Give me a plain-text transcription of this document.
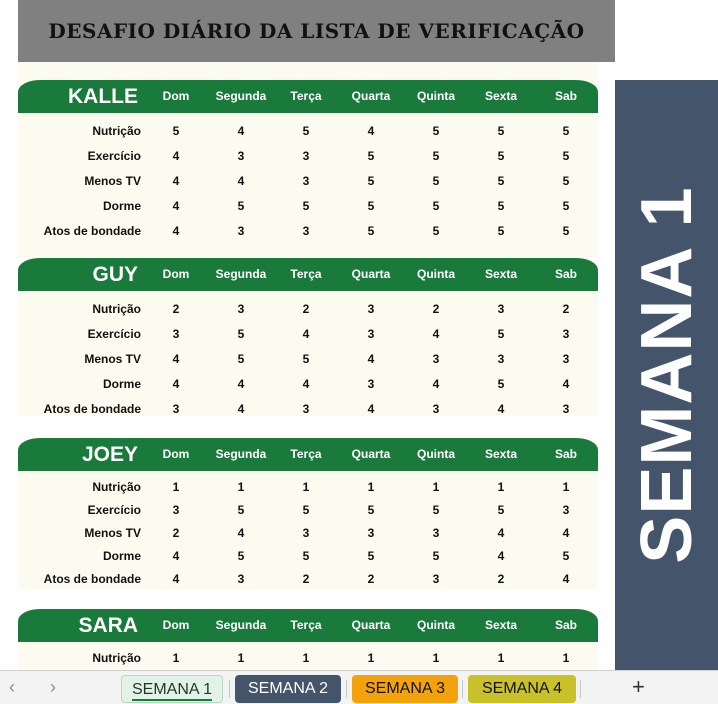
DESAFIO DIÁRIO DA LISTA DE VERIFICAÇÃO
KALLE	Dom	Segunda	Terça	Quarta	Quinta	Sexta	Sab
Nutrição	5	4	5	4	5	5	5
Exercício	4	3	3	5	5	5	5
Menos TV	4	4	3	5	5	5	5
Dorme	4	5	5	5	5	5	5
Atos de bondade	4	3	3	5	5	5	5
GUY	Dom	Segunda	Terça	Quarta	Quinta	Sexta	Sab
Nutrição	2	3	2	3	2	3	2
Exercício	3	5	4	3	4	5	3
Menos TV	4	5	5	4	3	3	3
Dorme	4	4	4	3	4	5	4
Atos de bondade	3	4	3	4	3	4	3
JOEY	Dom	Segunda	Terça	Quarta	Quinta	Sexta	Sab
Nutrição	1	1	1	1	1	1	1
Exercício	3	5	5	5	5	5	3
Menos TV	2	4	3	3	3	4	4
Dorme	4	5	5	5	5	4	5
Atos de bondade	4	3	2	2	3	2	4
SARA	Dom	Segunda	Terça	Quarta	Quinta	Sexta	Sab
Nutrição	1	1	1	1	1	1	1
SEMANA 1
‹ ›	SEMANA 1	SEMANA 2	SEMANA 3	SEMANA 4	+
